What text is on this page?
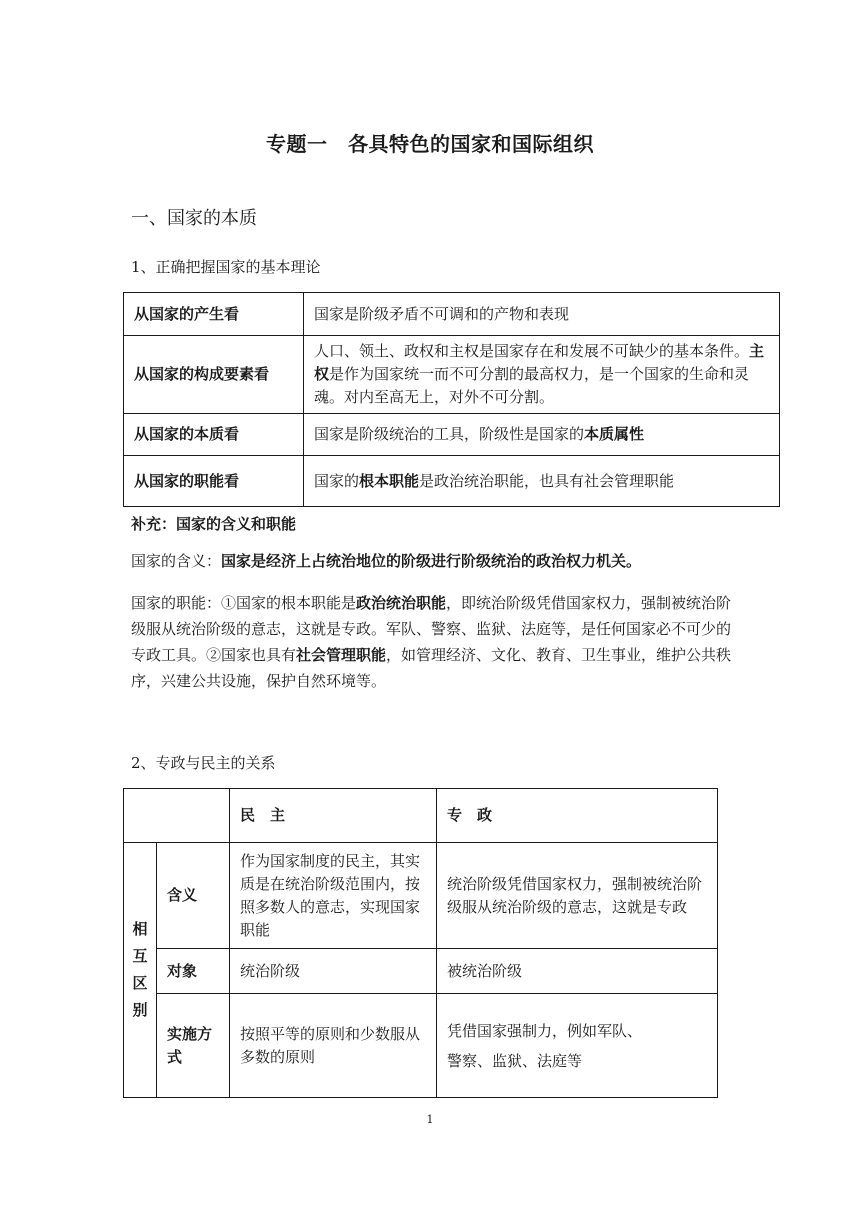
专题一　各具特色的国家和国际组织
一、国家的本质
1、正确把握国家的基本理论
从国家的产生看	国家是阶级矛盾不可调和的产物和表现
从国家的构成要素看	人口、领土、政权和主权是国家存在和发展不可缺少的基本条件。主权是作为国家统一而不可分割的最高权力，是一个国家的生命和灵魂。对内至高无上，对外不可分割。
从国家的本质看	国家是阶级统治的工具，阶级性是国家的本质属性
从国家的职能看	国家的根本职能是政治统治职能，也具有社会管理职能
补充：国家的含义和职能
国家的含义：国家是经济上占统治地位的阶级进行阶级统治的政治权力机关。
国家的职能：①国家的根本职能是政治统治职能，即统治阶级凭借国家权力，强制被统治阶级服从统治阶级的意志，这就是专政。军队、警察、监狱、法庭等，是任何国家必不可少的专政工具。②国家也具有社会管理职能，如管理经济、文化、教育、卫生事业，维护公共秩序，兴建公共设施，保护自然环境等。
2、专政与民主的关系
		民　主	专　政

相
互
区
别	含义	作为国家制度的民主，其实质是在统治阶级范围内，按照多数人的意志，实现国家职能	统治阶级凭借国家权力，强制被统治阶级服从统治阶级的意志，这就是专政
	对象	统治阶级	被统治阶级
	实施方式	按照平等的原则和少数服从多数的原则	凭借国家强制力，例如军队、
警察、监狱、法庭等
1
